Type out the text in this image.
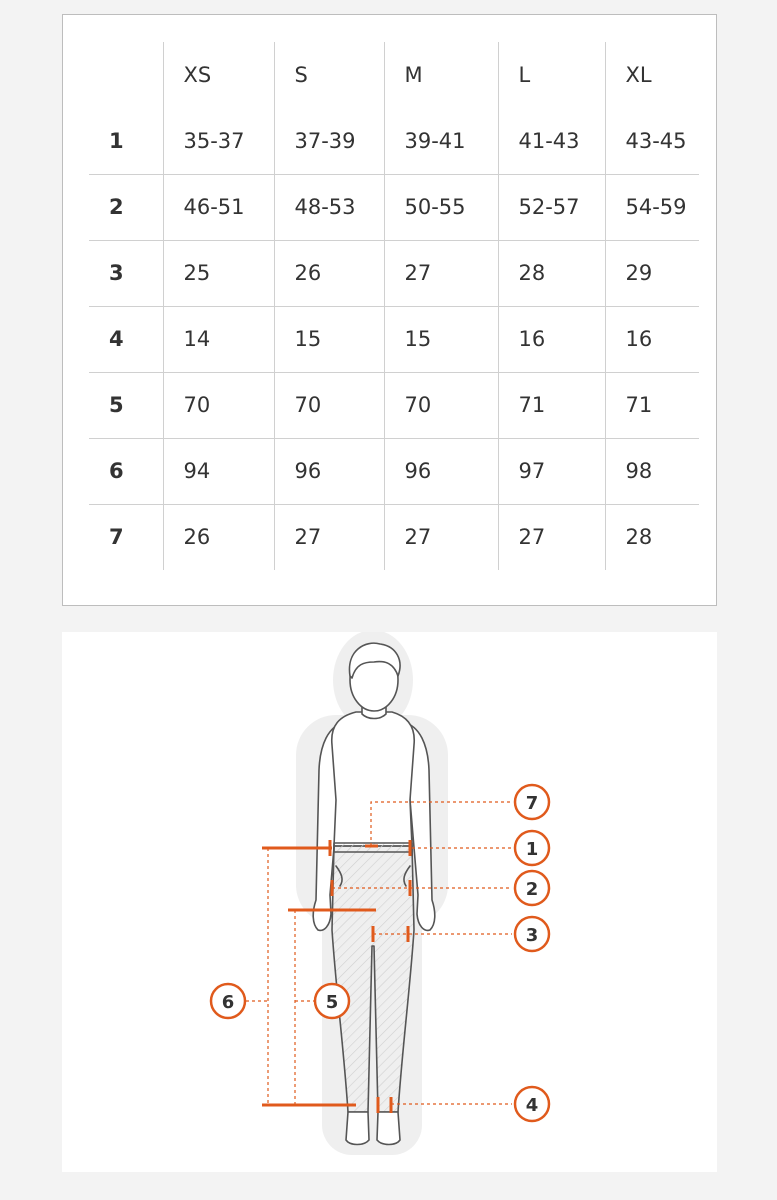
	XS	S	M	L	XL
1	35-37	37-39	39-41	41-43	43-45
2	46-51	48-53	50-55	52-57	54-59
3	25	26	27	28	29
4	14	15	15	16	16
5	70	70	70	71	71
6	94	96	96	97	98
7	26	27	27	27	28
7
1
2
3
6	5
4
